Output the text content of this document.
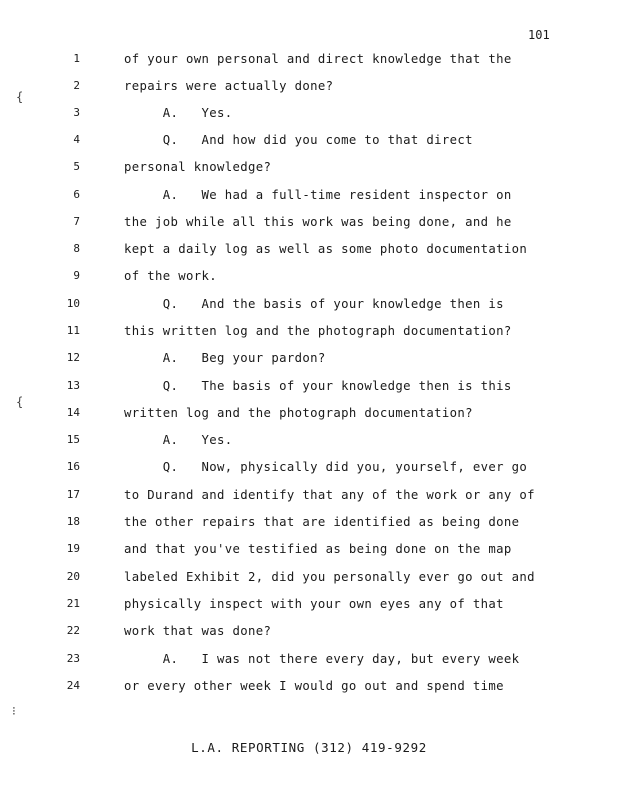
101
{
{
⁝
1	of your own personal and direct knowledge that the
2	repairs were actually done?
3	A.   Yes.
4	Q.   And how did you come to that direct
5	personal knowledge?
6	A.   We had a full-time resident inspector on
7	the job while all this work was being done, and he
8	kept a daily log as well as some photo documentation
9	of the work.
10	Q.   And the basis of your knowledge then is
11	this written log and the photograph documentation?
12	A.   Beg your pardon?
13	Q.   The basis of your knowledge then is this
14	written log and the photograph documentation?
15	A.   Yes.
16	Q.   Now, physically did you, yourself, ever go
17	to Durand and identify that any of the work or any of
18	the other repairs that are identified as being done
19	and that you've testified as being done on the map
20	labeled Exhibit 2, did you personally ever go out and
21	physically inspect with your own eyes any of that
22	work that was done?
23	A.   I was not there every day, but every week
24	or every other week I would go out and spend time
L.A. REPORTING (312) 419-9292
